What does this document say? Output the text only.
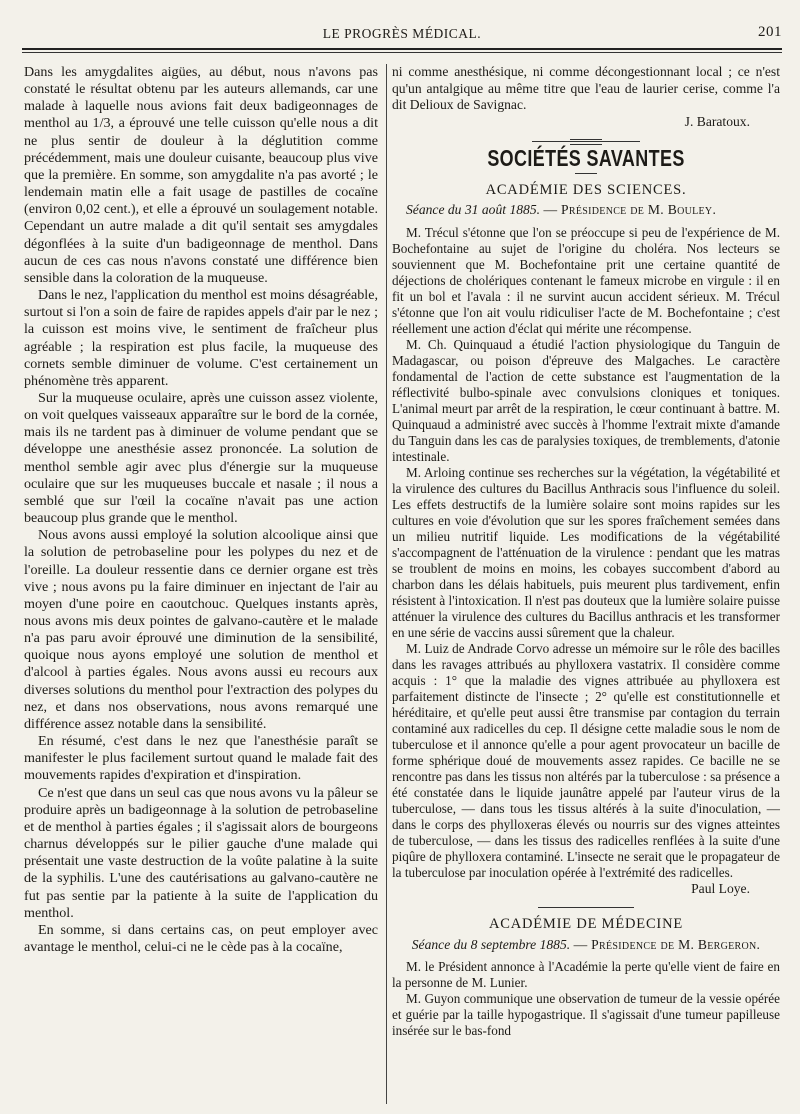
LE PROGRÈS MÉDICAL.	201

Dans les amygdalites aigües, au début, nous n'avons pas constaté le résultat obtenu par les auteurs allemands, car une malade à laquelle nous avions fait deux badigeonnages de menthol au 1/3, a éprouvé une telle cuisson qu'elle nous a dit ne plus sentir de douleur à la déglutition comme précédemment, mais une douleur cuisante, beaucoup plus vive que la première. En somme, son amygdalite n'a pas avorté ; le lendemain matin elle a fait usage de pastilles de cocaïne (environ 0,02 cent.), et elle a éprouvé un soulagement notable. Cependant un autre malade a dit qu'il sentait ses amygdales dégonflées à la suite d'un badigeonnage de menthol. Dans aucun de ces cas nous n'avons constaté une différence bien sensible dans la coloration de la muqueuse.

Dans le nez, l'application du menthol est moins désagréable, surtout si l'on a soin de faire de rapides appels d'air par le nez ; la cuisson est moins vive, le sentiment de fraîcheur plus agréable ; la respiration est plus facile, la muqueuse des cornets semble diminuer de volume. C'est certainement un phénomène très apparent.

Sur la muqueuse oculaire, après une cuisson assez violente, on voit quelques vaisseaux apparaître sur le bord de la cornée, mais ils ne tardent pas à diminuer de volume pendant que se développe une anesthésie assez prononcée. La solution de menthol semble agir avec plus d'énergie sur la muqueuse oculaire que sur les muqueuses buccale et nasale ; il nous a semblé que sur l'œil la cocaïne n'avait pas une action beaucoup plus grande que le menthol.

Nous avons aussi employé la solution alcoolique ainsi que la solution de petrobaseline pour les polypes du nez et de l'oreille. La douleur ressentie dans ce dernier organe est très vive ; nous avons pu la faire diminuer en injectant de l'air au moyen d'une poire en caoutchouc. Quelques instants après, nous avons mis deux pointes de galvano-cautère et le malade n'a pas paru avoir éprouvé une diminution de la sensibilité, quoique nous ayons employé une solution de menthol et d'alcool à parties égales. Nous avons aussi eu recours aux diverses solutions du menthol pour l'extraction des polypes du nez, et dans nos observations, nous avons remarqué une différence assez notable dans la sensibilité.

En résumé, c'est dans le nez que l'anesthésie paraît se manifester le plus facilement surtout quand le malade fait des mouvements rapides d'expiration et d'inspiration.

Ce n'est que dans un seul cas que nous avons vu la pâleur se produire après un badigeonnage à la solution de petrobaseline et de menthol à parties égales ; il s'agissait alors de bourgeons charnus développés sur le pilier gauche d'une malade qui présentait une vaste destruction de la voûte palatine à la suite de la syphilis. L'une des cautérisations au galvano-cautère ne fut pas sentie par la patiente à la suite de l'application du menthol.

En somme, si dans certains cas, on peut employer avec avantage le menthol, celui-ci ne le cède pas à la cocaïne,

ni comme anesthésique, ni comme décongestionnant local ; ce n'est qu'un antalgique au même titre que l'eau de laurier cerise, comme l'a dit Delioux de Savignac.

J. Baratoux.
SOCIÉTÉS SAVANTES
ACADÉMIE DES SCIENCES.
Séance du 31 août 1885. — Présidence de M. Bouley.

M. Trécul s'étonne que l'on se préoccupe si peu de l'expérience de M. Bochefontaine au sujet de l'origine du choléra. Nos lecteurs se souviennent que M. Bochefontaine prit une certaine quantité de déjections de cholériques contenant le fameux microbe en virgule : il en fit un bol et l'avala : il ne survint aucun accident sérieux. M. Trécul s'étonne que l'on ait voulu ridiculiser l'acte de M. Bochefontaine ; c'est réellement une action d'éclat qui mérite une récompense.

M. Ch. Quinquaud a étudié l'action physiologique du Tanguin de Madagascar, ou poison d'épreuve des Malgaches. Le caractère fondamental de l'action de cette substance est l'augmentation de la réflectivité bulbo-spinale avec convulsions cloniques et toniques. L'animal meurt par arrêt de la respiration, le cœur continuant à battre. M. Quinquaud a administré avec succès à l'homme l'extrait mixte d'amande du Tanguin dans les cas de paralysies toxiques, de tremblements, d'atonie intestinale.

M. Arloing continue ses recherches sur la végétation, la végétabilité et la virulence des cultures du Bacillus Anthracis sous l'influence du soleil. Les effets destructifs de la lumière solaire sont moins rapides sur les cultures en voie d'évolution que sur les spores fraîchement semées dans un milieu nutritif liquide. Les modifications de la végétabilité s'accompagnent de l'atténuation de la virulence : pendant que les matras se troublent de moins en moins, les cobayes succombent d'abord au charbon dans les délais habituels, puis meurent plus tardivement, enfin résistent à l'intoxication. Il n'est pas douteux que la lumière solaire puisse atténuer la virulence des cultures du Bacillus anthracis et les transformer en une série de vaccins aussi sûrement que la chaleur.

M. Luiz de Andrade Corvo adresse un mémoire sur le rôle des bacilles dans les ravages attribués au phylloxera vastatrix. Il considère comme acquis : 1° que la maladie des vignes attribuée au phylloxera est parfaitement distincte de l'insecte ; 2° qu'elle est constitutionnelle et héréditaire, et qu'elle peut aussi être transmise par contagion du terrain contaminé aux radicelles du cep. Il désigne cette maladie sous le nom de tuberculose et il annonce qu'elle a pour agent provocateur un bacille de forme sphérique doué de mouvements assez rapides. Ce bacille ne se rencontre pas dans les tissus non altérés par la tuberculose : sa présence a été constatée dans le liquide jaunâtre appelé par l'auteur virus de la tuberculose, — dans tous les tissus altérés à la suite d'inoculation, — dans le corps des phylloxeras élevés ou nourris sur des vignes atteintes de tuberculose, — dans les tissus des radicelles renflées à la suite d'une piqûre de phylloxera contaminé. L'insecte ne serait que le propagateur de la tuberculose par inoculation opérée à l'extrémité des radicelles.

Paul Loye.
ACADÉMIE DE MÉDECINE
Séance du 8 septembre 1885. — Présidence de M. Bergeron.

M. le Président annonce à l'Académie la perte qu'elle vient de faire en la personne de M. Lunier.

M. Guyon communique une observation de tumeur de la vessie opérée et guérie par la taille hypogastrique. Il s'agissait d'une tumeur papilleuse insérée sur le bas-fond
